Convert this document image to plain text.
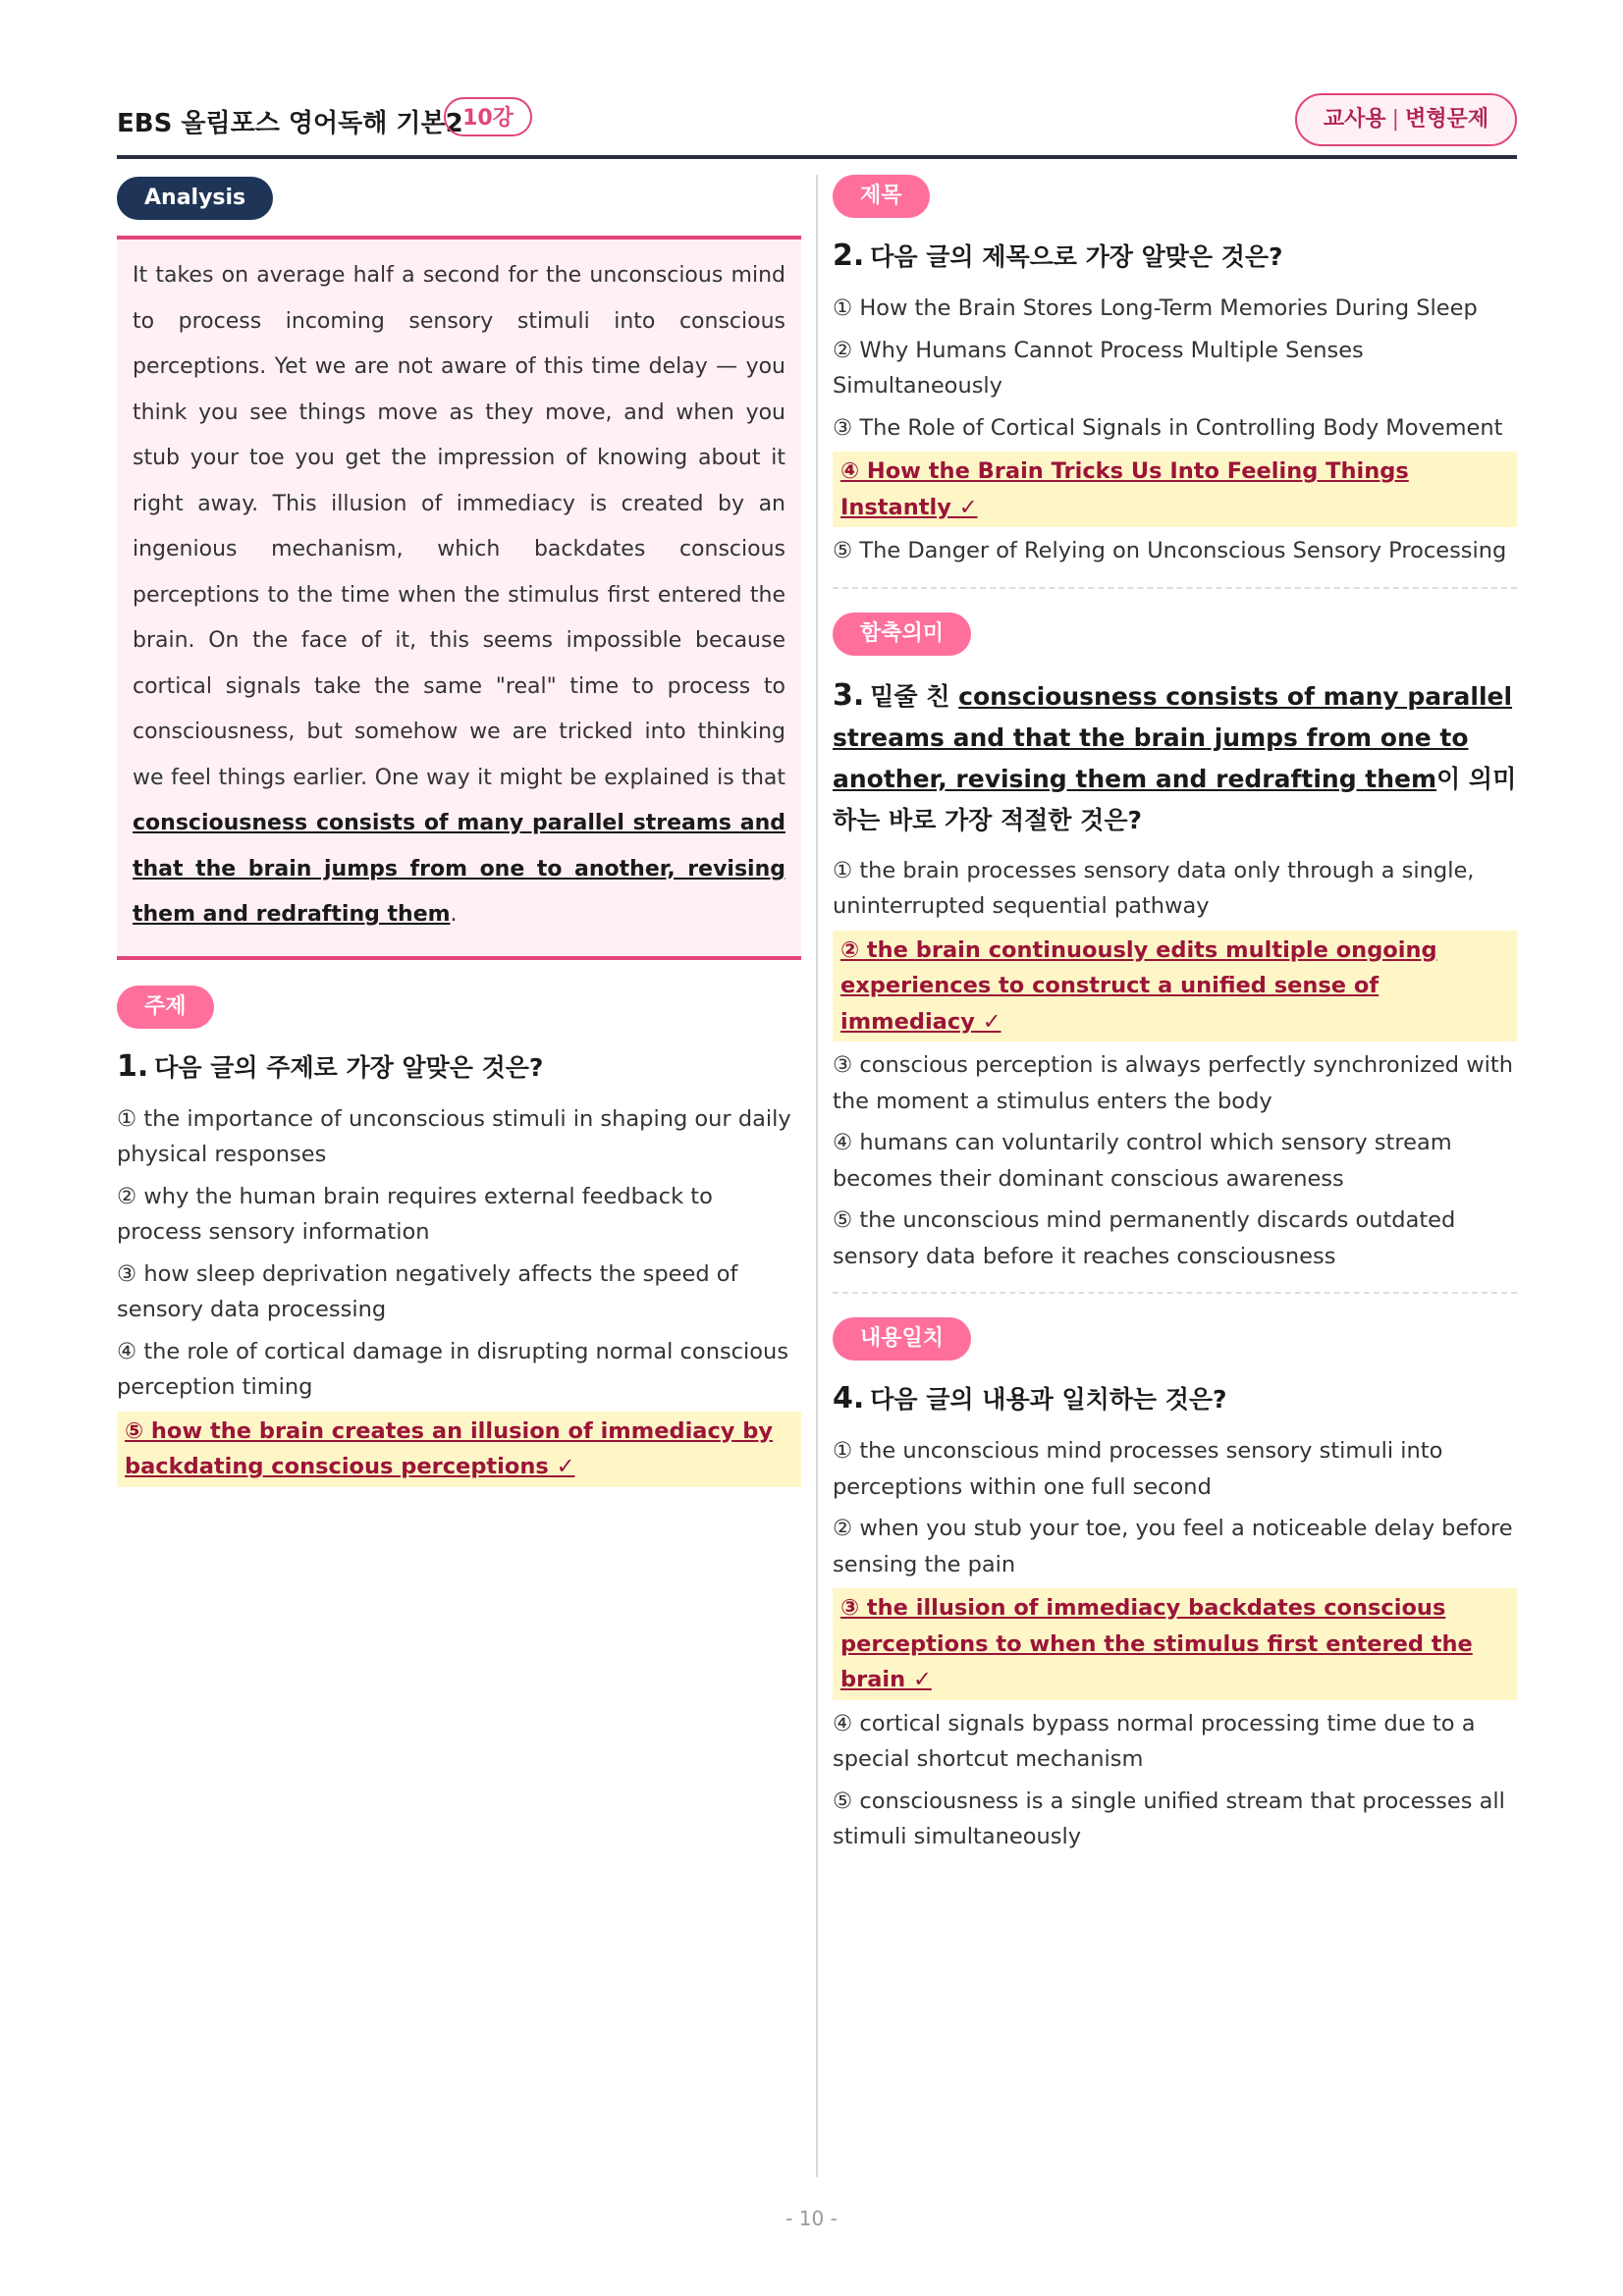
EBS 올림포스 영어독해 기본2 10강	교사용 | 변형문제
Analysis

It takes on average half a second for the unconscious mind to process incoming sensory stimuli into conscious perceptions. Yet we are not aware of this time delay — you think you see things move as they move, and when you stub your toe you get the impression of knowing about it right away. This illusion of immediacy is created by an ingenious mechanism, which backdates conscious perceptions to the time when the stimulus first entered the brain. On the face of it, this seems impossible because cortical signals take the same "real" time to process to consciousness, but somehow we are tricked into thinking we feel things earlier. One way it might be explained is that consciousness consists of many parallel streams and that the brain jumps from one to another, revising them and redrafting them.

주제

1. 다음 글의 주제로 가장 알맞은 것은?

① the importance of unconscious stimuli in shaping our daily physical responses

② why the human brain requires external feedback to process sensory information

③ how sleep deprivation negatively affects the speed of sensory data processing

④ the role of cortical damage in disrupting normal conscious perception timing

⑤ how the brain creates an illusion of immediacy by backdating conscious perceptions ✓

제목

2. 다음 글의 제목으로 가장 알맞은 것은?

① How the Brain Stores Long-Term Memories During Sleep

② Why Humans Cannot Process Multiple Senses Simultaneously

③ The Role of Cortical Signals in Controlling Body Movement

④ How the Brain Tricks Us Into Feeling Things Instantly ✓

⑤ The Danger of Relying on Unconscious Sensory Processing

함축의미

3. 밑줄 친 consciousness consists of many parallel streams and that the brain jumps from one to another, revising them and redrafting them이 의미하는 바로 가장 적절한 것은?

① the brain processes sensory data only through a single, uninterrupted sequential pathway

② the brain continuously edits multiple ongoing experiences to construct a unified sense of immediacy ✓

③ conscious perception is always perfectly synchronized with the moment a stimulus enters the body

④ humans can voluntarily control which sensory stream becomes their dominant conscious awareness

⑤ the unconscious mind permanently discards outdated sensory data before it reaches consciousness

내용일치

4. 다음 글의 내용과 일치하는 것은?

① the unconscious mind processes sensory stimuli into perceptions within one full second

② when you stub your toe, you feel a noticeable delay before sensing the pain

③ the illusion of immediacy backdates conscious perceptions to when the stimulus first entered the brain ✓

④ cortical signals bypass normal processing time due to a special shortcut mechanism

⑤ consciousness is a single unified stream that processes all stimuli simultaneously

- 10 -
